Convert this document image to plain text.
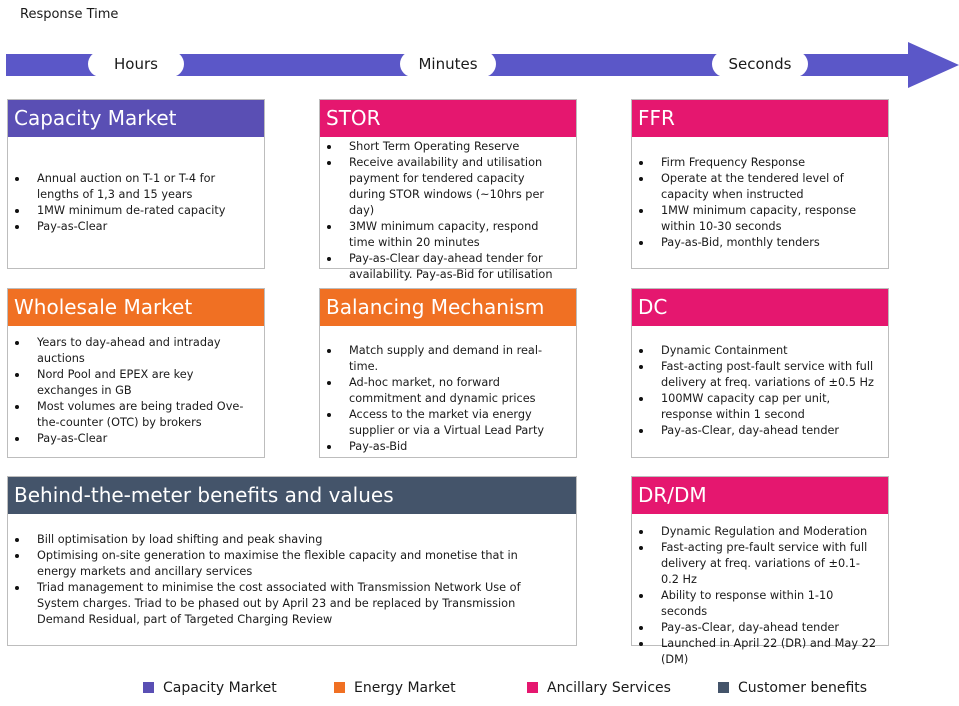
Response Time
Hours	Minutes	Seconds
Capacity Market
Annual auction on T-1 or T-4 for lengths of 1,3 and 15 years
1MW minimum de-rated capacity
Pay-as-Clear
STOR
Short Term Operating Reserve
Receive availability and utilisation payment for tendered capacity during STOR windows (~10hrs per day)
3MW minimum capacity, respond time within 20 minutes
Pay-as-Clear day-ahead tender for availability. Pay-as-Bid for utilisation
FFR
Firm Frequency Response
Operate at the tendered level of capacity when instructed
1MW minimum capacity, response within 10-30 seconds
Pay-as-Bid, monthly tenders
Wholesale Market
Years to day-ahead and intraday auctions
Nord Pool and EPEX are key exchanges in GB
Most volumes are being traded Ove-the-counter (OTC) by brokers
Pay-as-Clear
Balancing Mechanism
Match supply and demand in real-time.
Ad-hoc market, no forward commitment and dynamic prices
Access to the market via energy supplier or via a Virtual Lead Party
Pay-as-Bid
DC
Dynamic Containment
Fast-acting post-fault service with full delivery at freq. variations of ±0.5 Hz
100MW capacity cap per unit, response within 1 second
Pay-as-Clear, day-ahead tender
Behind-the-meter benefits and values
Bill optimisation by load shifting and peak shaving
Optimising on-site generation to maximise the flexible capacity and monetise that in energy markets and ancillary services
Triad management to minimise the cost associated with Transmission Network Use of System charges. Triad to be phased out by April 23 and be replaced by Transmission Demand Residual, part of Targeted Charging Review
DR/DM
Dynamic Regulation and Moderation
Fast-acting pre-fault service with full delivery at freq. variations of ±0.1-0.2 Hz
Ability to response within 1-10 seconds
Pay-as-Clear, day-ahead tender
Launched in April 22 (DR) and May 22 (DM)
Capacity Market	Energy Market	Ancillary Services	Customer benefits
